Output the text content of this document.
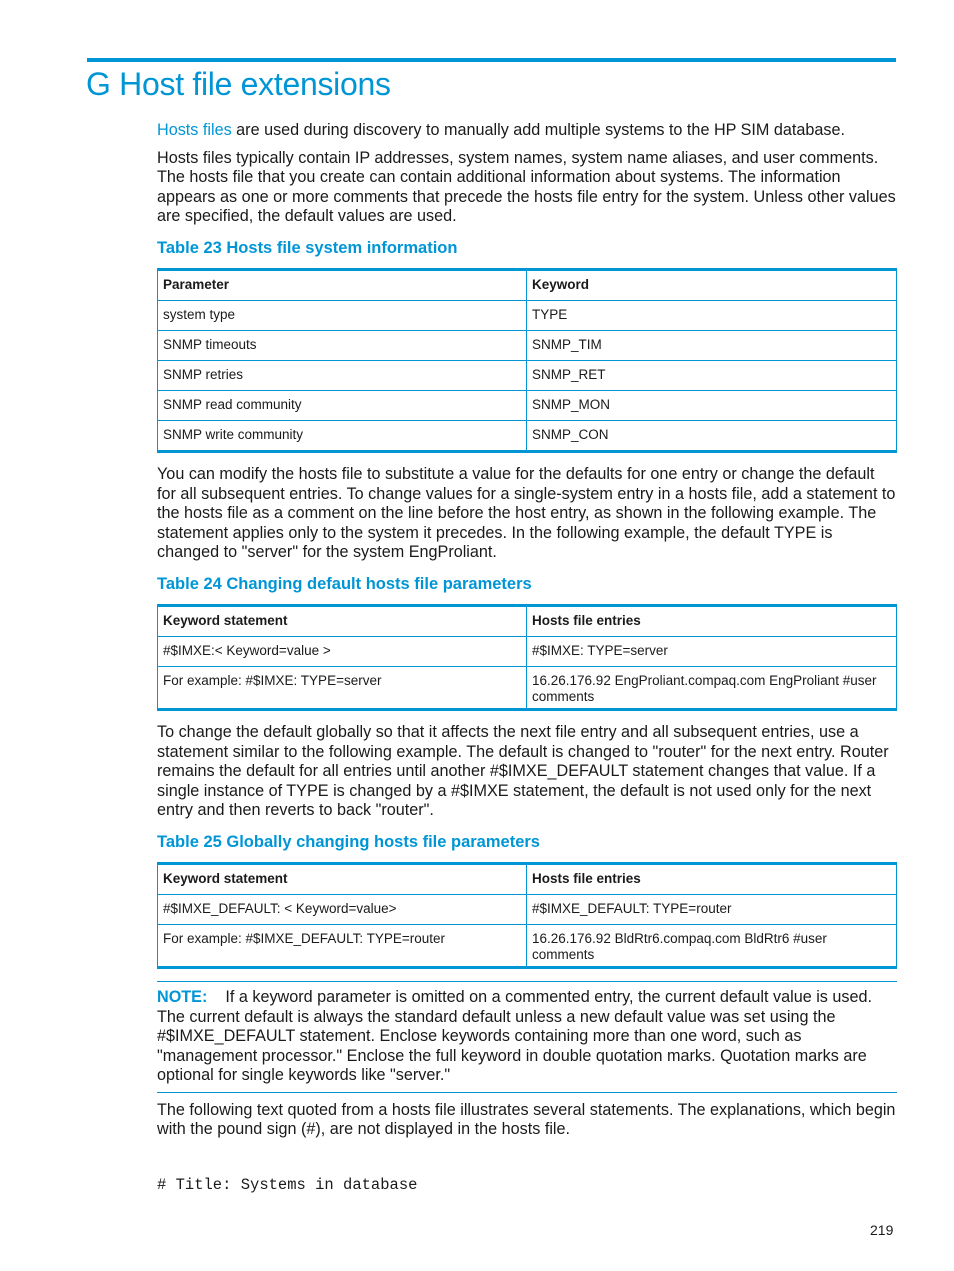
G Host file extensions

Hosts files are used during discovery to manually add multiple systems to the HP SIM database.

Hosts files typically contain IP addresses, system names, system name aliases, and user comments. The hosts file that you create can contain additional information about systems. The information appears as one or more comments that precede the hosts file entry for the system. Unless other values are specified, the default values are used.

Table 23 Hosts file system information
Parameter	Keyword
system type	TYPE
SNMP timeouts	SNMP_TIM
SNMP retries	SNMP_RET
SNMP read community	SNMP_MON
SNMP write community	SNMP_CON

You can modify the hosts file to substitute a value for the defaults for one entry or change the default for all subsequent entries. To change values for a single-system entry in a hosts file, add a statement to the hosts file as a comment on the line before the host entry, as shown in the following example. The statement applies only to the system it precedes. In the following example, the default TYPE is changed to "server" for the system EngProliant.

Table 24 Changing default hosts file parameters
Keyword statement	Hosts file entries
#$IMXE:< Keyword=value >	#$IMXE: TYPE=server
For example: #$IMXE: TYPE=server	16.26.176.92 EngProliant.compaq.com EngProliant #user comments

To change the default globally so that it affects the next file entry and all subsequent entries, use a statement similar to the following example. The default is changed to "router" for the next entry. Router remains the default for all entries until another #$IMXE_DEFAULT statement changes that value. If a single instance of TYPE is changed by a #$IMXE statement, the default is not used only for the next entry and then reverts to back "router".

Table 25 Globally changing hosts file parameters
Keyword statement	Hosts file entries
#$IMXE_DEFAULT: < Keyword=value>	#$IMXE_DEFAULT: TYPE=router
For example: #$IMXE_DEFAULT: TYPE=router	16.26.176.92 BldRtr6.compaq.com BldRtr6 #user comments

NOTE: If a keyword parameter is omitted on a commented entry, the current default value is used. The current default is always the standard default unless a new default value was set using the #$IMXE_DEFAULT statement. Enclose keywords containing more than one word, such as "management processor." Enclose the full keyword in double quotation marks. Quotation marks are optional for single keywords like "server."

The following text quoted from a hosts file illustrates several statements. The explanations, which begin with the pound sign (#), are not displayed in the hosts file.

# Title: Systems in database
219
